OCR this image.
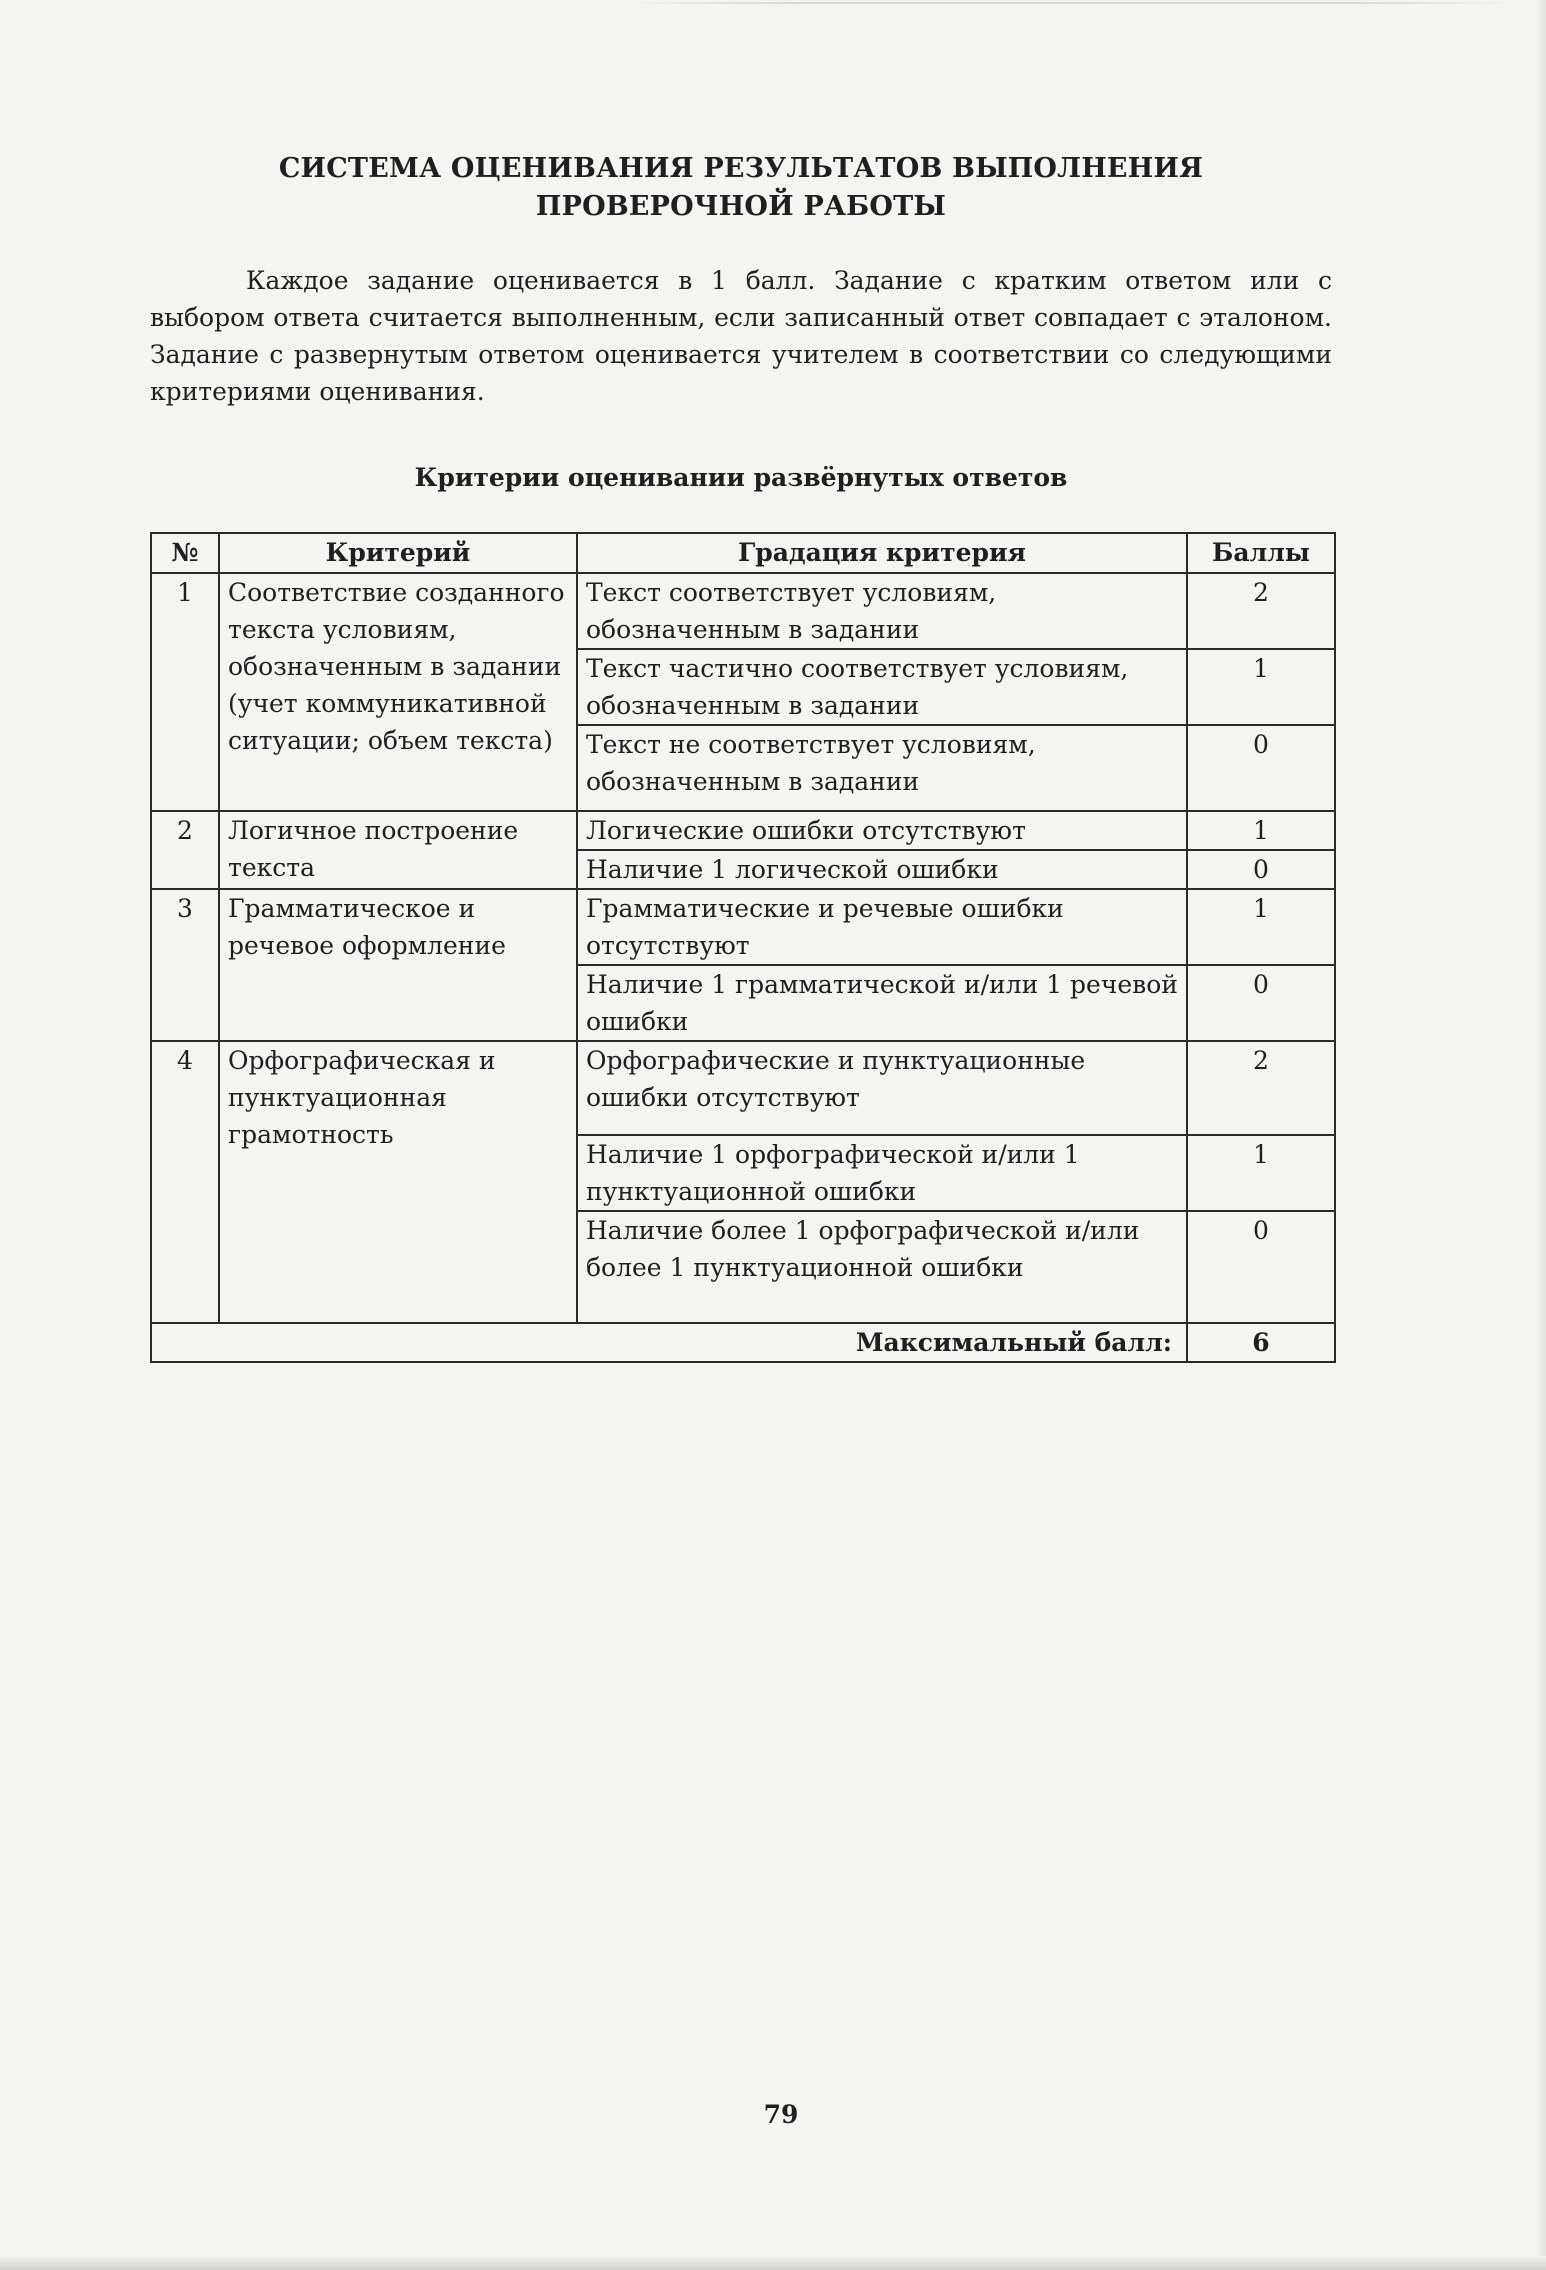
СИСТЕМА ОЦЕНИВАНИЯ РЕЗУЛЬТАТОВ ВЫПОЛНЕНИЯ
ПРОВЕРОЧНОЙ РАБОТЫ

Каждое задание оценивается в 1 балл. Задание с кратким ответом или с выбором ответа считается выполненным, если записанный ответ совпадает с эталоном. Задание с развернутым ответом оценивается учителем в соответствии со следующими критериями оценивания.

Критерии оценивании развёрнутых ответов
№	Критерий	Градация критерия	Баллы
1	Соответствие созданного текста условиям, обозначенным в задании (учет коммуникативной ситуации; объем текста)	Текст соответствует условиям, обозначенным в задании	2
		Текст частично соответствует условиям, обозначенным в задании	1
		Текст не соответствует условиям, обозначенным в задании	0
2	Логичное построение текста	Логические ошибки отсутствуют	1
		Наличие 1 логической ошибки	0
3	Грамматическое и речевое оформление	Грамматические и речевые ошибки отсутствуют	1
		Наличие 1 грамматической и/или 1 речевой ошибки	0
4	Орфографическая и пунктуационная грамотность	Орфографические и пунктуационные ошибки отсутствуют	2
		Наличие 1 орфографической и/или 1 пунктуационной ошибки	1
		Наличие более 1 орфографической и/или более 1 пунктуационной ошибки	0
Максимальный балл:			6
79
